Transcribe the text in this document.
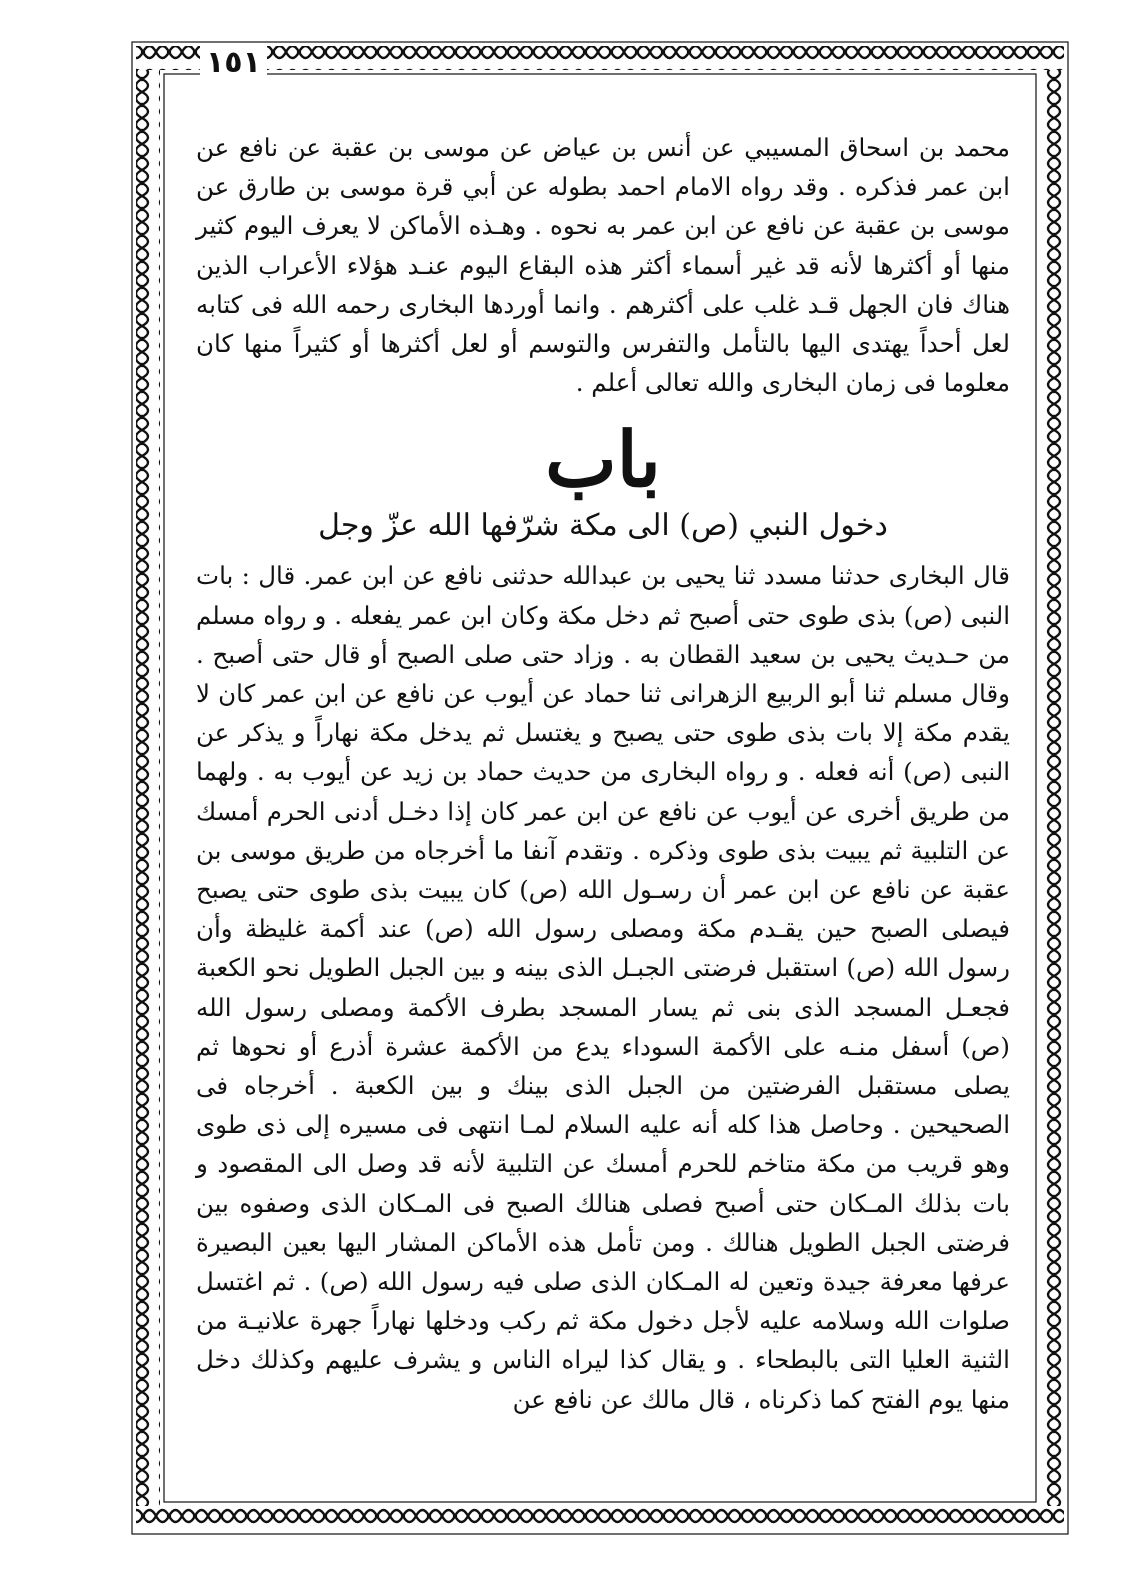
١٥١

محمد بن اسحاق المسيبي عن أنس بن عياض عن موسى بن عقبة عن نافع عن ابن عمر فذكره . وقد رواه الامام احمد بطوله عن أبي قرة موسى بن طارق عن موسى بن عقبة عن نافع عن ابن عمر به نحوه . وهـذه الأماكن لا يعرف اليوم كثير منها أو أكثرها لأنه قد غير أسماء أكثر هذه البقاع اليوم عنـد هؤلاء الأعراب الذين هناك فان الجهل قـد غلب على أكثرهم . وانما أوردها البخارى رحمه الله فى كتابه لعل أحداً يهتدى اليها بالتأمل والتفرس والتوسم أو لعل أكثرها أو كثيراً منها كان معلوما فى زمان البخارى والله تعالى أعلم .

باب
دخول النبي (ص) الى مكة شرّفها الله عزّ وجل

قال البخارى حدثنا مسدد ثنا يحيى بن عبدالله حدثنى نافع عن ابن عمر. قال : بات النبى (ص) بذى طوى حتى أصبح ثم دخل مكة وكان ابن عمر يفعله . و رواه مسلم من حـديث يحيى بن سعيد القطان به . وزاد حتى صلى الصبح أو قال حتى أصبح . وقال مسلم ثنا أبو الربيع الزهرانى ثنا حماد عن أيوب عن نافع عن ابن عمر كان لا يقدم مكة إلا بات بذى طوى حتى يصبح و يغتسل ثم يدخل مكة نهاراً و يذكر عن النبى (ص) أنه فعله . و رواه البخارى من حديث حماد بن زيد عن أيوب به . ولهما من طريق أخرى عن أيوب عن نافع عن ابن عمر كان إذا دخـل أدنى الحرم أمسك عن التلبية ثم يبيت بذى طوى وذكره . وتقدم آنفا ما أخرجاه من طريق موسى بن عقبة عن نافع عن ابن عمر أن رسـول الله (ص) كان يبيت بذى طوى حتى يصبح فيصلى الصبح حين يقـدم مكة ومصلى رسول الله (ص) عند أكمة غليظة وأن رسول الله (ص) استقبل فرضتى الجبـل الذى بينه و بين الجبل الطويل نحو الكعبة فجعـل المسجد الذى بنى ثم يسار المسجد بطرف الأكمة ومصلى رسول الله (ص) أسفل منـه على الأكمة السوداء يدع من الأكمة عشرة أذرع أو نحوها ثم يصلى مستقبل الفرضتين من الجبل الذى بينك و بين الكعبة . أخرجاه فى الصحيحين . وحاصل هذا كله أنه عليه السلام لمـا انتهى فى مسيره إلى ذى طوى وهو قريب من مكة متاخم للحرم أمسك عن التلبية لأنه قد وصل الى المقصود و بات بذلك المـكان حتى أصبح فصلى هنالك الصبح فى المـكان الذى وصفوه بين فرضتى الجبل الطويل هنالك . ومن تأمل هذه الأماكن المشار اليها بعين البصيرة عرفها معرفة جيدة وتعين له المـكان الذى صلى فيه رسول الله (ص) . ثم اغتسل صلوات الله وسلامه عليه لأجل دخول مكة ثم ركب ودخلها نهاراً جهرة علانيـة من الثنية العليا التى بالبطحاء . و يقال كذا ليراه الناس و يشرف عليهم وكذلك دخل منها يوم الفتح كما ذكرناه ، قال مالك عن نافع عن
